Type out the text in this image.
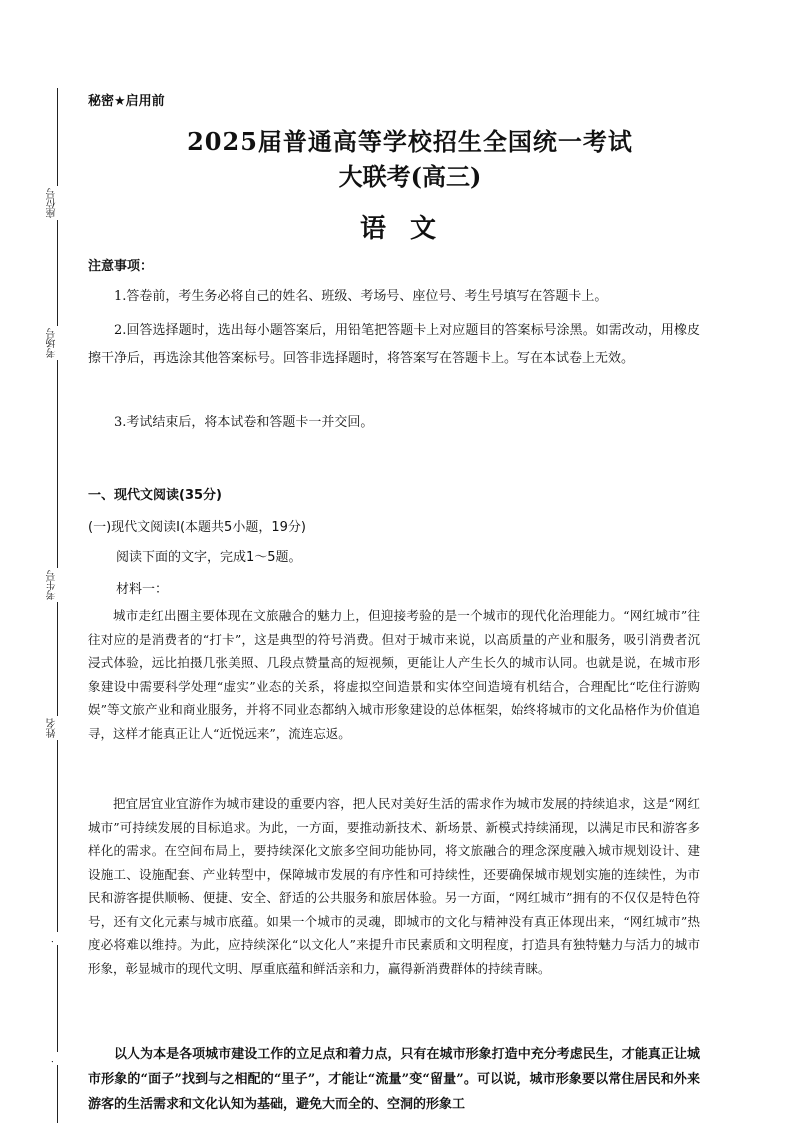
座位号
考场号
考生号
姓名
．
．
秘密★启用前
2025届普通高等学校招生全国统一考试
大联考(高三)
语文
注意事项：
1.答卷前，考生务必将自己的姓名、班级、考场号、座位号、考生号填写在答题卡上。
2.回答选择题时，选出每小题答案后，用铅笔把答题卡上对应题目的答案标号涂黑。如需改动，用橡皮擦干净后，再选涂其他答案标号。回答非选择题时，将答案写在答题卡上。写在本试卷上无效。
3.考试结束后，将本试卷和答题卡一并交回。
一、现代文阅读(35分)
(一)现代文阅读Ⅰ(本题共5小题，19分)
阅读下面的文字，完成1～5题。
材料一：
城市走红出圈主要体现在文旅融合的魅力上，但迎接考验的是一个城市的现代化治理能力。“网红城市”往往对应的是消费者的“打卡”，这是典型的符号消费。但对于城市来说，以高质量的产业和服务，吸引消费者沉浸式体验，远比拍摄几张美照、几段点赞量高的短视频，更能让人产生长久的城市认同。也就是说，在城市形象建设中需要科学处理“虚实”业态的关系，将虚拟空间造景和实体空间造境有机结合，合理配比“吃住行游购娱”等文旅产业和商业服务，并将不同业态都纳入城市形象建设的总体框架，始终将城市的文化品格作为价值追寻，这样才能真正让人“近悦远来”，流连忘返。
把宜居宜业宜游作为城市建设的重要内容，把人民对美好生活的需求作为城市发展的持续追求，这是“网红城市”可持续发展的目标追求。为此，一方面，要推动新技术、新场景、新模式持续涌现，以满足市民和游客多样化的需求。在空间布局上，要持续深化文旅多空间功能协同，将文旅融合的理念深度融入城市规划设计、建设施工、设施配套、产业转型中，保障城市发展的有序性和可持续性，还要确保城市规划实施的连续性，为市民和游客提供顺畅、便捷、安全、舒适的公共服务和旅居体验。另一方面，“网红城市”拥有的不仅仅是特色符号，还有文化元素与城市底蕴。如果一个城市的灵魂，即城市的文化与精神没有真正体现出来，“网红城市”热度必将难以维持。为此，应持续深化“以文化人”来提升市民素质和文明程度，打造具有独特魅力与活力的城市形象，彰显城市的现代文明、厚重底蕴和鲜活亲和力，赢得新消费群体的持续青睐。
以人为本是各项城市建设工作的立足点和着力点，只有在城市形象打造中充分考虑民生，才能真正让城市形象的“面子”找到与之相配的“里子”，才能让“流量”变“留量”。可以说，城市形象要以常住居民和外来游客的生活需求和文化认知为基础，避免大而全的、空洞的形象工
